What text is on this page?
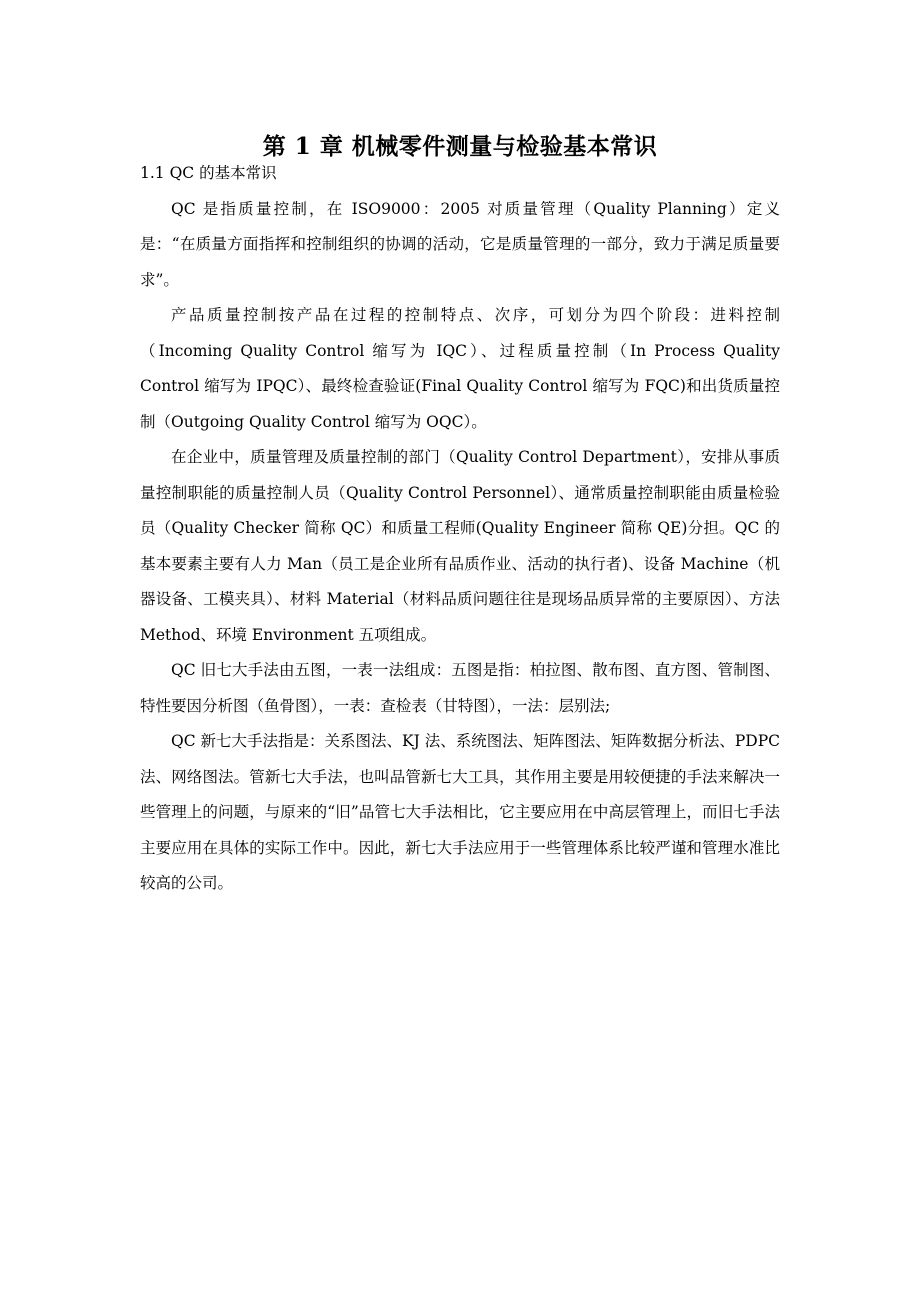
第 1 章 机械零件测量与检验基本常识
1.1 QC 的基本常识

QC 是指质量控制，在 ISO9000：2005 对质量管理（Quality Planning）定义是：“在质量方面指挥和控制组织的协调的活动，它是质量管理的一部分，致力于满足质量要求”。

产品质量控制按产品在过程的控制特点、次序，可划分为四个阶段：进料控制（Incoming Quality Control 缩写为 IQC）、过程质量控制（In Process Quality Control 缩写为 IPQC）、最终检查验证(Final Quality Control 缩写为 FQC)和出货质量控制（Outgoing Quality Control 缩写为 OQC）。

在企业中，质量管理及质量控制的部门（Quality Control Department），安排从事质量控制职能的质量控制人员（Quality Control Personnel）、通常质量控制职能由质量检验员（Quality Checker 简称 QC）和质量工程师(Quality Engineer 简称 QE)分担。QC 的基本要素主要有人力 Man（员工是企业所有品质作业、活动的执行者)、设备 Machine（机器设备、工模夹具）、材料 Material（材料品质问题往往是现场品质异常的主要原因）、方法 Method、环境 Environment 五项组成。

QC 旧七大手法由五图，一表一法组成：五图是指：柏拉图、散布图、直方图、管制图、特性要因分析图（鱼骨图），一表：查检表（甘特图），一法：层别法;

QC 新七大手法指是：关系图法、KJ 法、系统图法、矩阵图法、矩阵数据分析法、PDPC 法、网络图法。管新七大手法，也叫品管新七大工具，其作用主要是用较便捷的手法来解决一些管理上的问题，与原来的“旧”品管七大手法相比，它主要应用在中高层管理上，而旧七手法主要应用在具体的实际工作中。因此，新七大手法应用于一些管理体系比较严谨和管理水准比较高的公司。
